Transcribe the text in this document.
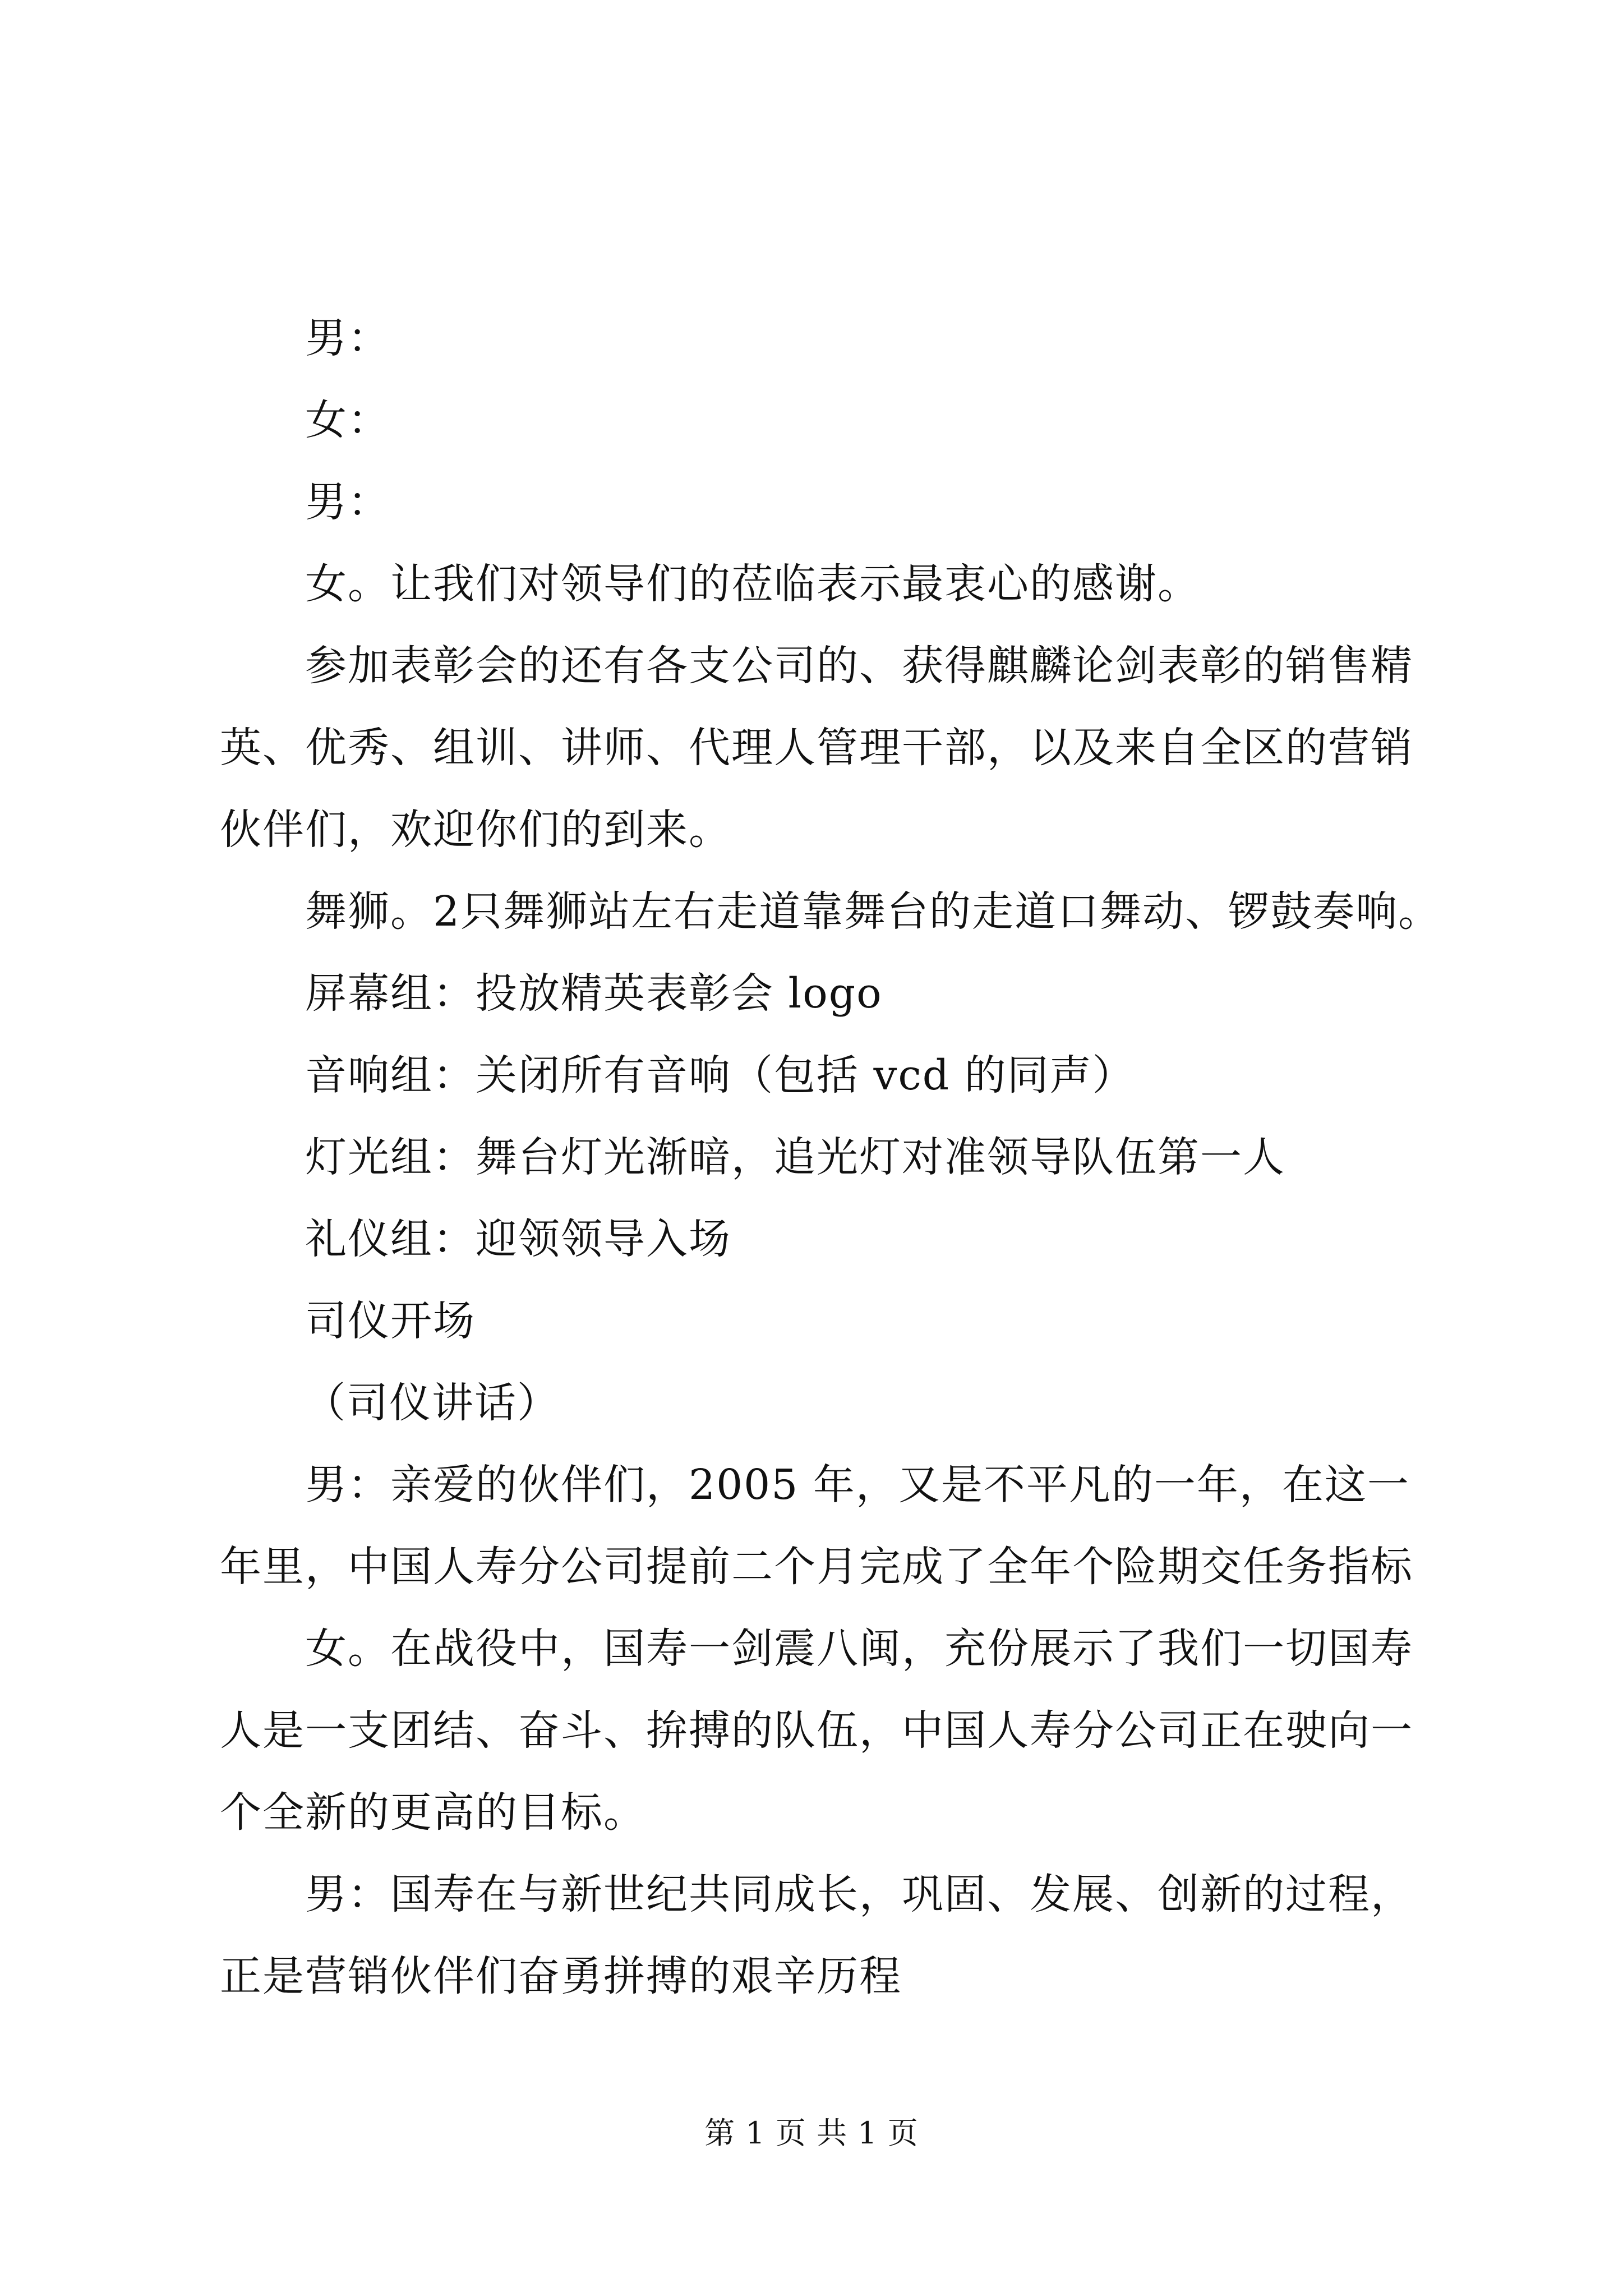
男：

女：

男：

女。让我们对领导们的莅临表示最衷心的感谢。

参加表彰会的还有各支公司的、获得麒麟论剑表彰的销售精

英、优秀、组训、讲师、代理人管理干部，以及来自全区的营销

伙伴们，欢迎你们的到来。

舞狮。2只舞狮站左右走道靠舞台的走道口舞动、锣鼓奏响。

屏幕组：投放精英表彰会 logo

音响组：关闭所有音响（包括 vcd 的同声）

灯光组：舞台灯光渐暗，追光灯对准领导队伍第一人

礼仪组：迎领领导入场

司仪开场

（司仪讲话）

男：亲爱的伙伴们，2005 年，又是不平凡的一年，在这一

年里，中国人寿分公司提前二个月完成了全年个险期交任务指标

女。在战役中，国寿一剑震八闽，充份展示了我们一切国寿

人是一支团结、奋斗、拚搏的队伍，中国人寿分公司正在驶向一

个全新的更高的目标。

男：国寿在与新世纪共同成长，巩固、发展、创新的过程，

正是营销伙伴们奋勇拼搏的艰辛历程

第 1 页 共 1 页
